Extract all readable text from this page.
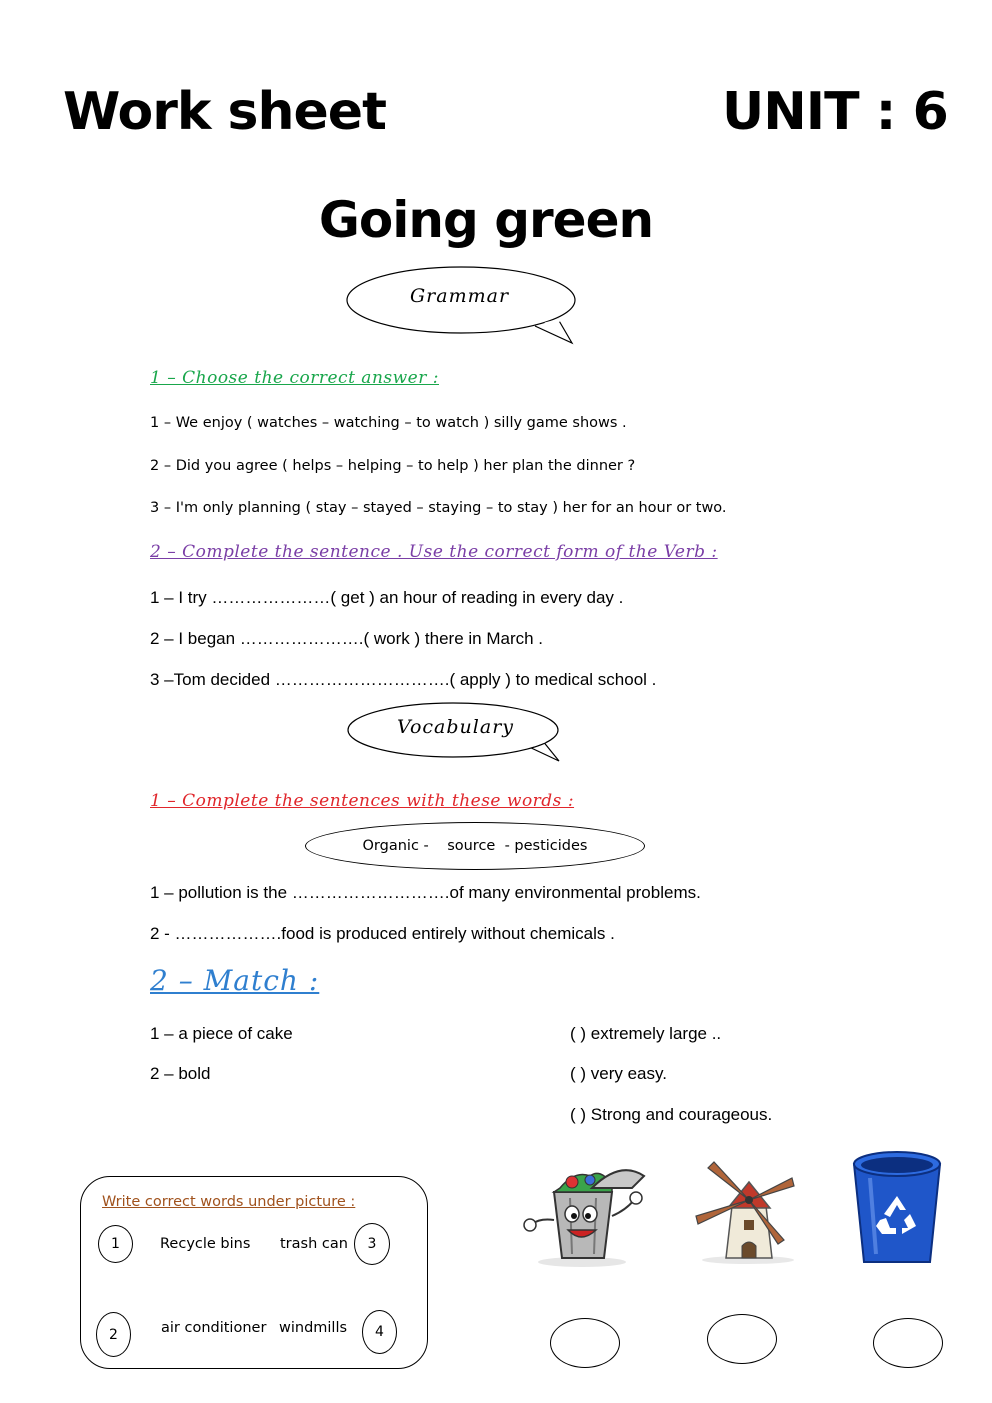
Work sheet	UNIT : 6
Going green
Grammar
1 – Choose the correct answer :
1 – We enjoy ( watches – watching – to watch ) silly game shows .
2 – Did you agree ( helps – helping – to help ) her plan the dinner ?
3 – I'm only planning ( stay – stayed – staying – to stay ) her for an hour or two.
2 – Complete the sentence . Use the correct form of the Verb :
1 – I try …………………( get ) an hour of reading in every day .
2 – I began ………………….( work ) there in March .
3 –Tom decided ………………………….( apply ) to medical school .
Vocabulary
1 – Complete the sentences with these words :
Organic -    source  - pesticides
1 – pollution is the ……………………….of many environmental problems.
2 - ……………….food is produced entirely without chemicals .
2 – Match :
1 – a piece of cake
2 – bold
( ) extremely large ..
( ) very easy.
( ) Strong and courageous.
Write correct words under picture :
1	Recycle bins trash can	3
2	air conditioner windmills	4
